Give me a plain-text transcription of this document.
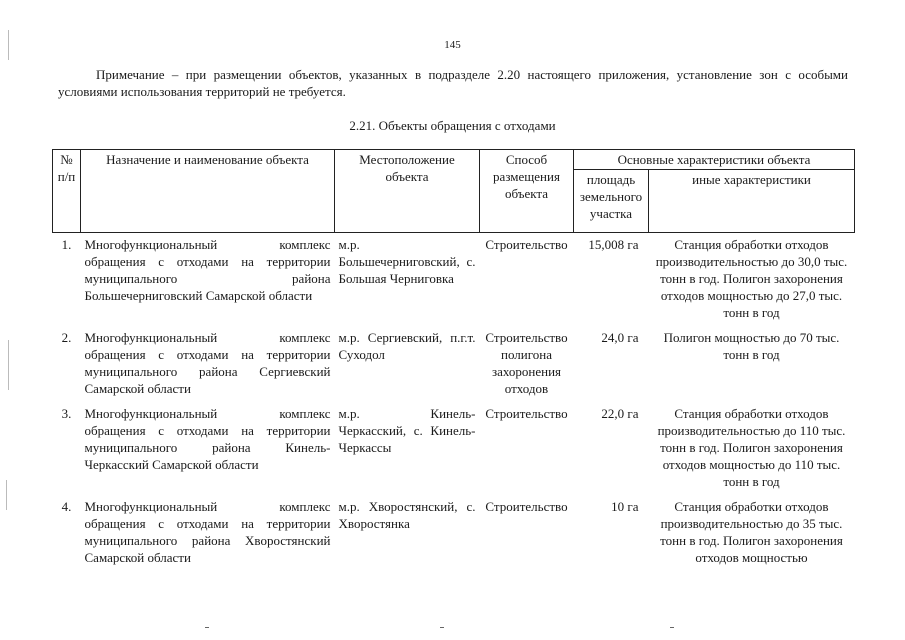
145

Примечание – при размещении объектов, указанных в подразделе 2.20 настоящего приложения, установление зон с особыми условиями использования территорий не требуется.

2.21. Объекты обращения с отходами
№ п/п	Назначение и наименование объекта	Местоположение объекта	Способ размещения объекта	Основные характеристики объекта	
				площадь земельного участка	иные характеристики
1.	Многофункциональный комплекс обращения с отходами на территории муниципального района Большечерниговский Самарской области	м.р. Большечерниговский, с. Большая Черниговка	Строительство	15,008 га	Станция обработки отходов производительностью до 30,0 тыс. тонн в год. Полигон захоронения отходов мощностью до 27,0 тыс. тонн в год
2.	Многофункциональный комплекс обращения с отходами на территории муниципального района Сергиевский Самарской области	м.р. Сергиевский, п.г.т. Суходол	Строительство полигона захоронения отходов	24,0 га	Полигон мощностью до 70 тыс. тонн в год
3.	Многофункциональный комплекс обращения с отходами на территории муниципального района Кинель-Черкасский Самарской области	м.р. Кинель-Черкасский, с. Кинель-Черкассы	Строительство	22,0 га	Станция обработки отходов производительностью до 110 тыс. тонн в год. Полигон захоронения отходов мощностью до 110 тыс. тонн в год
4.	Многофункциональный комплекс обращения с отходами на территории муниципального района Хворостянский Самарской области	м.р. Хворостянский, с. Хворостянка	Строительство	10 га	Станция обработки отходов производительностью до 35 тыс. тонн в год. Полигон захоронения отходов мощностью
